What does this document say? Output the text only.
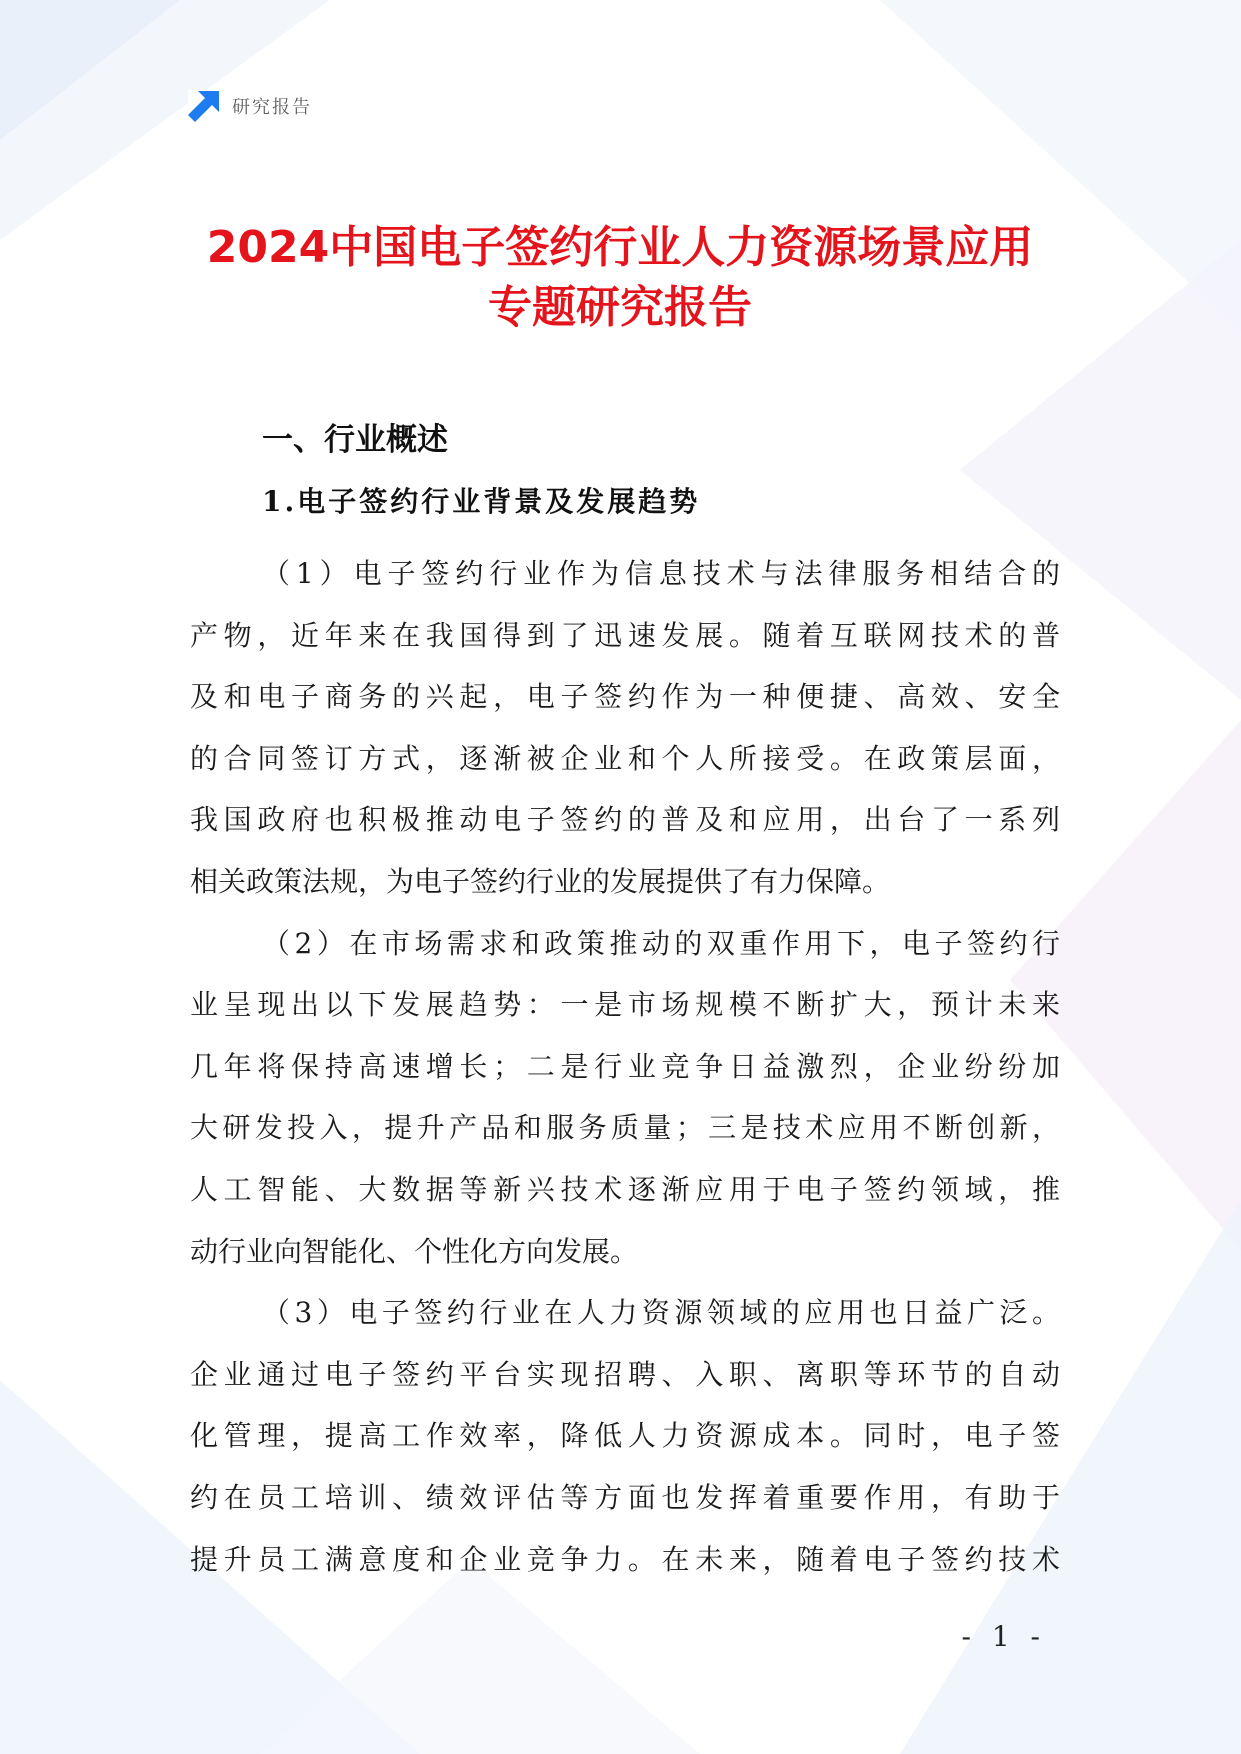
研究报告
2024中国电子签约行业人力资源场景应用
专题研究报告
一、行业概述
1.电子签约行业背景及发展趋势
（1）电子签约行业作为信息技术与法律服务相结合的
产物，近年来在我国得到了迅速发展。随着互联网技术的普
及和电子商务的兴起，电子签约作为一种便捷、高效、安全
的合同签订方式，逐渐被企业和个人所接受。在政策层面，
我国政府也积极推动电子签约的普及和应用，出台了一系列
相关政策法规，为电子签约行业的发展提供了有力保障。
（2）在市场需求和政策推动的双重作用下，电子签约行
业呈现出以下发展趋势：一是市场规模不断扩大，预计未来
几年将保持高速增长；二是行业竞争日益激烈，企业纷纷加
大研发投入，提升产品和服务质量；三是技术应用不断创新，
人工智能、大数据等新兴技术逐渐应用于电子签约领域，推
动行业向智能化、个性化方向发展。
（3）电子签约行业在人力资源领域的应用也日益广泛。
企业通过电子签约平台实现招聘、入职、离职等环节的自动
化管理，提高工作效率，降低人力资源成本。同时，电子签
约在员工培训、绩效评估等方面也发挥着重要作用，有助于
提升员工满意度和企业竞争力。在未来，随着电子签约技术
- 1 -
